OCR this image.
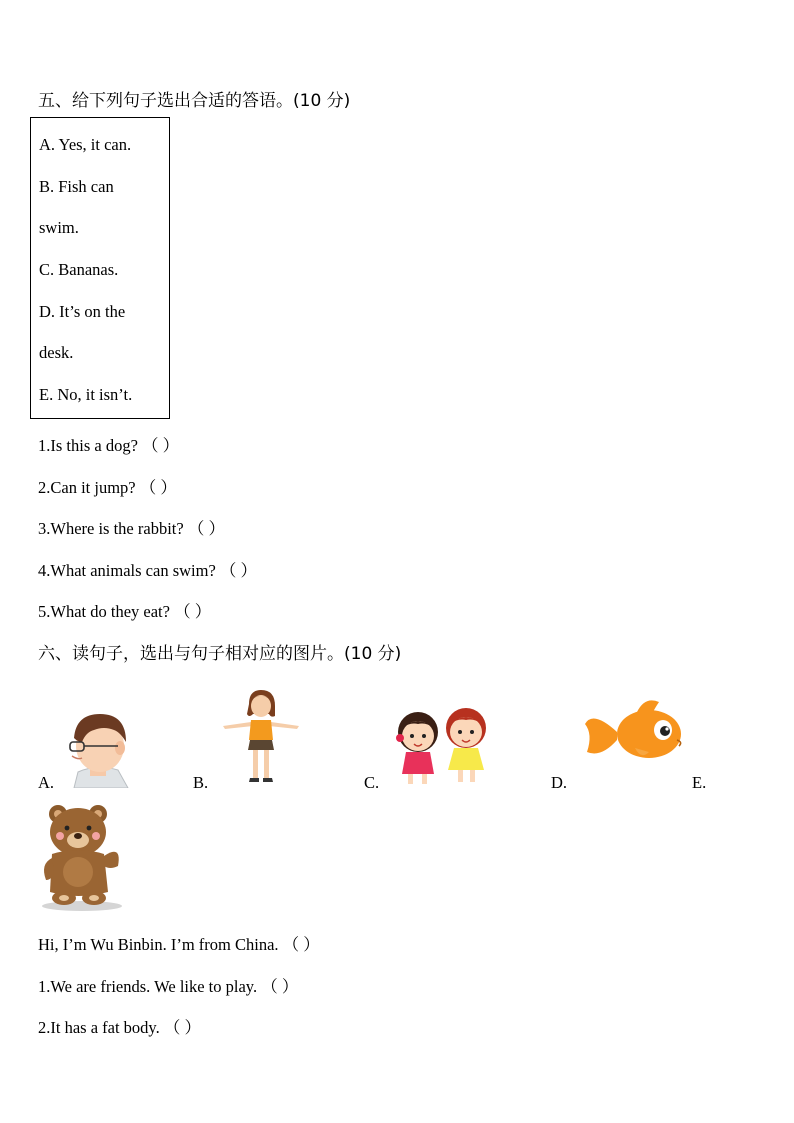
五、给下列句子选出合适的答语。(10 分)
A. Yes, it can.
B. Fish can
swim.
C. Bananas.
D. It’s on the
desk.
E. No, it isn’t.
1.Is this a dog? （ ）
2.Can it jump? （ ）
3.Where is the rabbit? （ ）
4.What animals can swim? （ ）
5.What do they eat? （ ）
六、读句子，选出与句子相对应的图片。(10 分)
A.	B.	C.	D.	E.
Hi, I’m Wu Binbin. I’m from China. （ ）
1.We are friends. We like to play. （ ）
2.It has a fat body. （ ）
